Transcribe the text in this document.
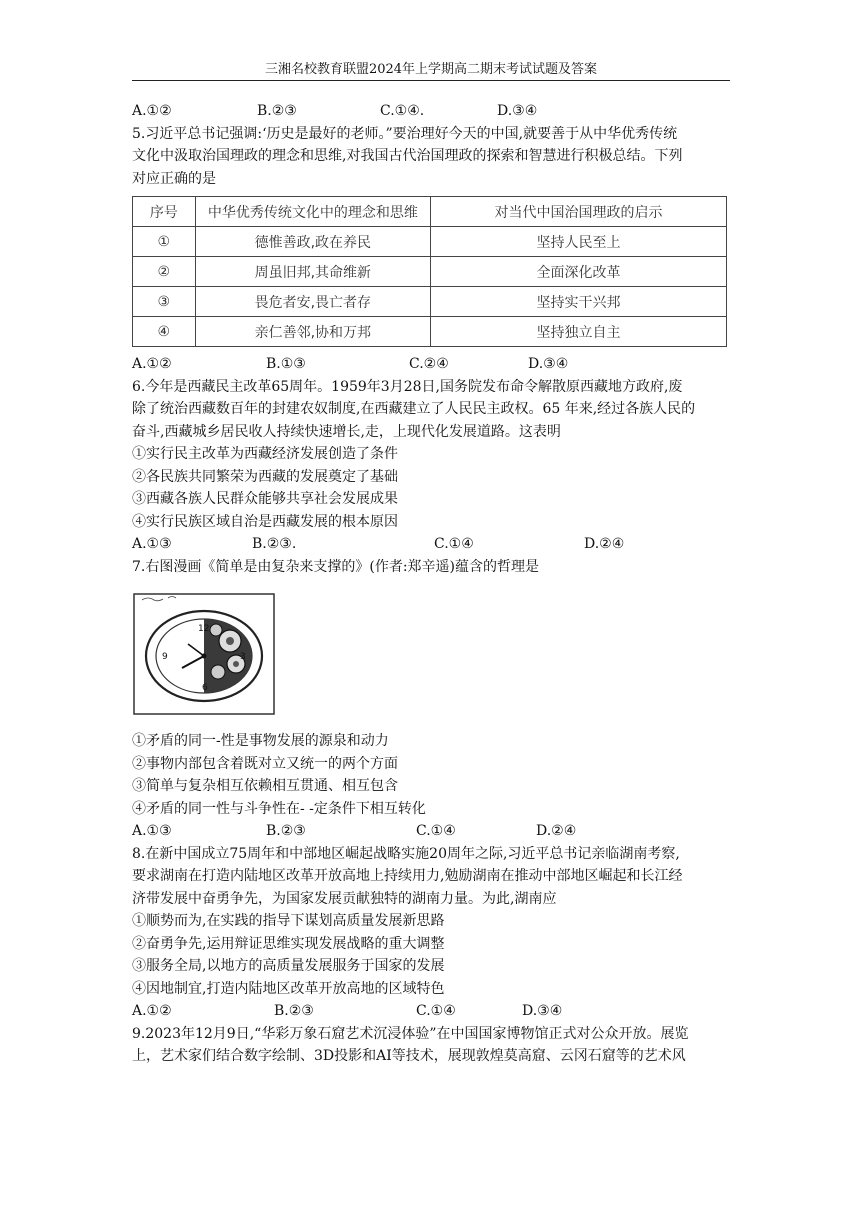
三湘名校教育联盟2024年上学期高二期末考试试题及答案
A.①②	B.②③	C.①④.	D.③④
5.习近平总书记强调:‘历史是最好的老师。”要治理好今天的中国,就要善于从中华优秀传统
文化中汲取治国理政的理念和思维,对我国古代治国理政的探索和智慧进行积极总结。下列
对应正确的是
序号	中华优秀传统文化中的理念和思维	对当代中国治国理政的启示
①	德惟善政,政在养民	坚持人民至上
②	周虽旧邦,其命维新	全面深化改革
③	畏危者安,畏亡者存	坚持实干兴邦
④	亲仁善邻,协和万邦	坚持独立自主
A.①②	B.①③	C.②④	D.③④
6.今年是西藏民主改革65周年。1959年3月28日,国务院发布命令解散原西藏地方政府,废
除了统治西藏数百年的封建农奴制度,在西藏建立了人民民主政权。65 年来,经过各族人民的
奋斗,西藏城乡居民收人持续快速增长,走，上现代化发展道路。这表明
①实行民主改革为西藏经济发展创造了条件
②各民族共同繁荣为西藏的发展奠定了基础
③西藏各族人民群众能够共享社会发展成果
④实行民族区域自治是西藏发展的根本原因
A.①③	B.②③.	C.①④	D.②④
7.右图漫画《简单是由复杂来支撑的》(作者:郑辛遥)蕴含的哲理是
12
3
6
9
①矛盾的同一-性是事物发展的源泉和动力
②事物内部包含着既对立又统一的两个方面
③简单与复杂相互依赖相互贯通、相互包含
④矛盾的同一性与斗争性在- -定条件下相互转化
A.①③	B.②③	C.①④	D.②④
8.在新中国成立75周年和中部地区崛起战略实施20周年之际,习近平总书记亲临湖南考察,
要求湖南在打造内陆地区改革开放高地上持续用力,勉励湖南在推动中部地区崛起和长江经
济带发展中奋勇争先，为国家发展贡献独特的湖南力量。为此,湖南应
①顺势而为,在实践的指导下谋划高质量发展新思路
②奋勇争先,运用辩证思维实现发展战略的重大调整
③服务全局,以地方的高质量发展服务于国家的发展
④因地制宜,打造内陆地区改革开放高地的区域特色
A.①②	B.②③	C.①④	D.③④
9.2023年12月9日,“华彩万象石窟艺术沉浸体验”在中国国家博物馆正式对公众开放。展览
上，艺术家们结合数字绘制、3D投影和AI等技术，展现敦煌莫高窟、云冈石窟等的艺术风
